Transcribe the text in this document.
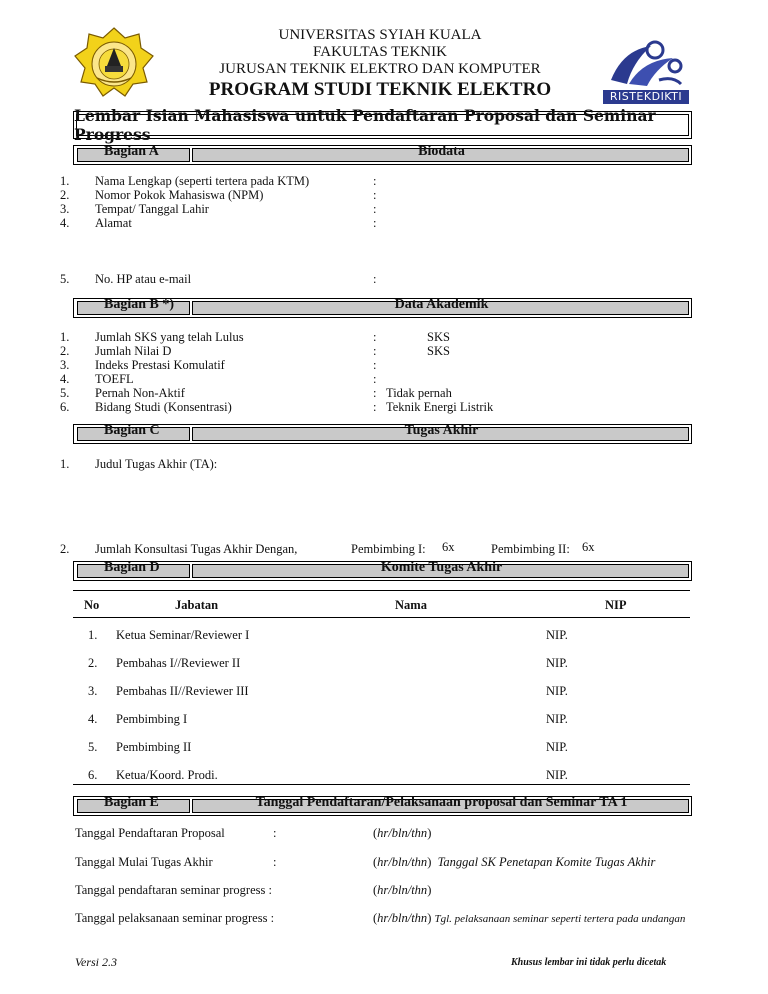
UNIVERSITAS SYIAH KUALA
FAKULTAS TEKNIK
JURUSAN TEKNIK ELEKTRO DAN KOMPUTER
PROGRAM STUDI TEKNIK ELEKTRO	RISTEKDIKTI
Lembar Isian Mahasiswa untuk Pendaftaran Proposal dan Seminar Progress
Bagian A	Biodata
1. Nama Lengkap (seperti tertera pada KTM)	:
2. Nomor Pokok Mahasiswa (NPM)	:
3. Tempat/ Tanggal Lahir	:
4. Alamat	:
5. No. HP atau e-mail	:
Bagian B *)	Data Akademik
1. Jumlah SKS yang telah Lulus	:	SKS
2. Jumlah Nilai D	:	SKS
3. Indeks Prestasi Komulatif	:
4. TOEFL	:
5. Pernah Non-Aktif	: Tidak pernah
6. Bidang Studi (Konsentrasi)	: Teknik Energi Listrik
Bagian C	Tugas Akhir
1. Judul Tugas Akhir (TA):
2. Jumlah Konsultasi Tugas Akhir Dengan,	Pembimbing I: 6x	Pembimbing II: 6x
Bagian D	Komite Tugas Akhir
No	Jabatan	Nama	NIP
1. Ketua Seminar/Reviewer I	NIP.
2. Pembahas I//Reviewer II	NIP.
3. Pembahas II//Reviewer III	NIP.
4. Pembimbing I	NIP.
5. Pembimbing II	NIP.
6. Ketua/Koord. Prodi.	NIP.
Bagian E	Tanggal Pendaftaran/Pelaksanaan proposal dan Seminar TA 1
Tanggal Pendaftaran Proposal	:	(hr/bln/thn)
Tanggal Mulai Tugas Akhir	:	(hr/bln/thn)  Tanggal SK Penetapan Komite Tugas Akhir
Tanggal pendaftaran seminar progress :	(hr/bln/thn)
Tanggal pelaksanaan seminar progress :	(hr/bln/thn) Tgl. pelaksanaan seminar seperti tertera pada undangan
Versi 2.3	Khusus lembar ini tidak perlu dicetak
